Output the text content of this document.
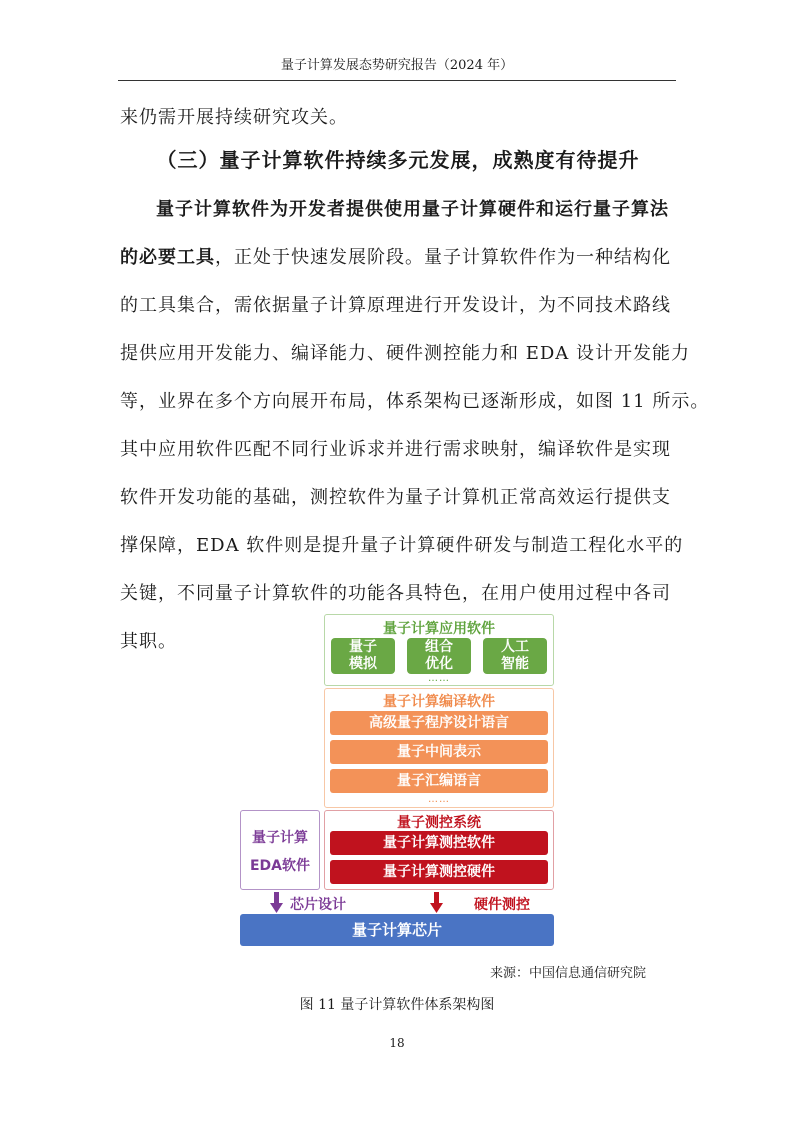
量子计算发展态势研究报告（2024 年）
来仍需开展持续研究攻关。
（三）量子计算软件持续多元发展，成熟度有待提升
量子计算软件为开发者提供使用量子计算硬件和运行量子算法
的必要工具，正处于快速发展阶段。量子计算软件作为一种结构化
的工具集合，需依据量子计算原理进行开发设计，为不同技术路线
提供应用开发能力、编译能力、硬件测控能力和 EDA 设计开发能力
等，业界在多个方向展开布局，体系架构已逐渐形成，如图 11 所示。
其中应用软件匹配不同行业诉求并进行需求映射，编译软件是实现
软件开发功能的基础，测控软件为量子计算机正常高效运行提供支
撑保障，EDA 软件则是提升量子计算硬件研发与制造工程化水平的
关键，不同量子计算软件的功能各具特色，在用户使用过程中各司
其职。
量子计算应用软件
量子
模拟
组合
优化
人工
智能
……
量子计算编译软件
高级量子程序设计语言
量子中间表示
量子汇编语言
……
量子测控系统
量子计算测控软件
量子计算测控硬件
量子计算
EDA软件
芯片设计	硬件测控
量子计算芯片
来源：中国信息通信研究院
图 11 量子计算软件体系架构图
18
